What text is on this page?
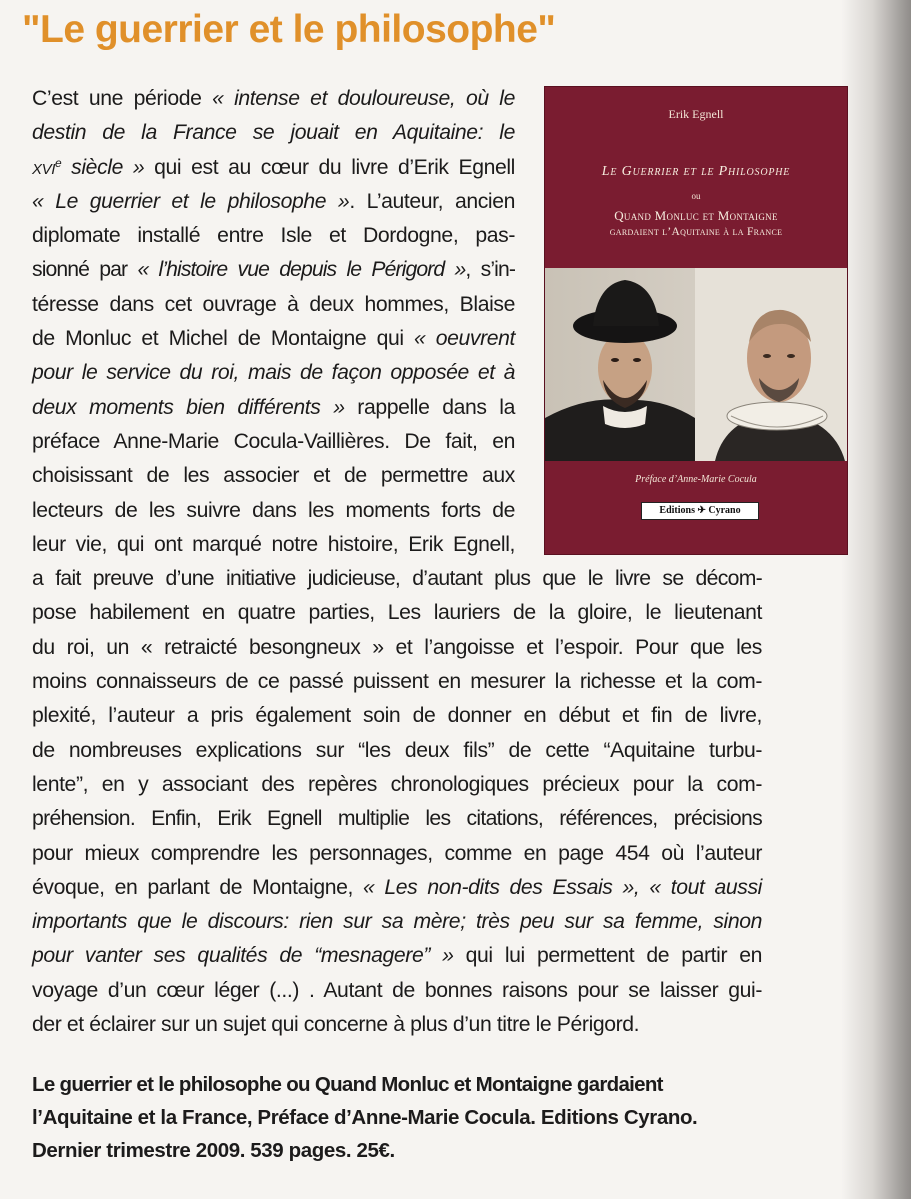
"Le guerrier et le philosophe"
C’est une période « intense et douloureuse, où le
destin de la France se jouait en Aquitaine: le
xvi$^e$ siècle » qui est au cœur du livre d’Erik Egnell
« Le guerrier et le philosophe ». L’auteur, ancien
diplomate installé entre Isle et Dordogne, pas-
sionné par « l’histoire vue depuis le Périgord », s’in-
téresse dans cet ouvrage à deux hommes, Blaise
de Monluc et Michel de Montaigne qui « oeuvrent
pour le service du roi, mais de façon opposée et à
deux moments bien différents » rappelle dans la
préface Anne-Marie Cocula-Vaillières. De fait, en
choisissant de les associer et de permettre aux
lecteurs de les suivre dans les moments forts de
leur vie, qui ont marqué notre histoire, Erik Egnell,
a fait preuve d’une initiative judicieuse, d’autant plus que le livre se décom-
pose habilement en quatre parties, Les lauriers de la gloire, le lieutenant
du roi, un « retraicté besongneux » et l’angoisse et l’espoir. Pour que les
moins connaisseurs de ce passé puissent en mesurer la richesse et la com-
plexité, l’auteur a pris également soin de donner en début et fin de livre,
de nombreuses explications sur “les deux fils” de cette “Aquitaine turbu-
lente”, en y associant des repères chronologiques précieux pour la com-
préhension. Enfin, Erik Egnell multiplie les citations, références, précisions
pour mieux comprendre les personnages, comme en page 454 où l’auteur
évoque, en parlant de Montaigne, « Les non-dits des Essais », « tout aussi
importants que le discours: rien sur sa mère; très peu sur sa femme, sinon
pour vanter ses qualités de “mesnagere” » qui lui permettent de partir en
voyage d’un cœur léger (...) . Autant de bonnes raisons pour se laisser gui-
der et éclairer sur un sujet qui concerne à plus d’un titre le Périgord.
Le guerrier et le philosophe ou Quand Monluc et Montaigne gardaient
l’Aquitaine et la France, Préface d’Anne-Marie Cocula. Editions Cyrano.
Dernier trimestre 2009. 539 pages. 25€.
Erik Egnell
Le Guerrier et le Philosophe
ou
Quand Monluc et Montaigne
gardaient l’Aquitaine à la France
Préface d’Anne-Marie Cocula
Editions ✈ Cyrano
